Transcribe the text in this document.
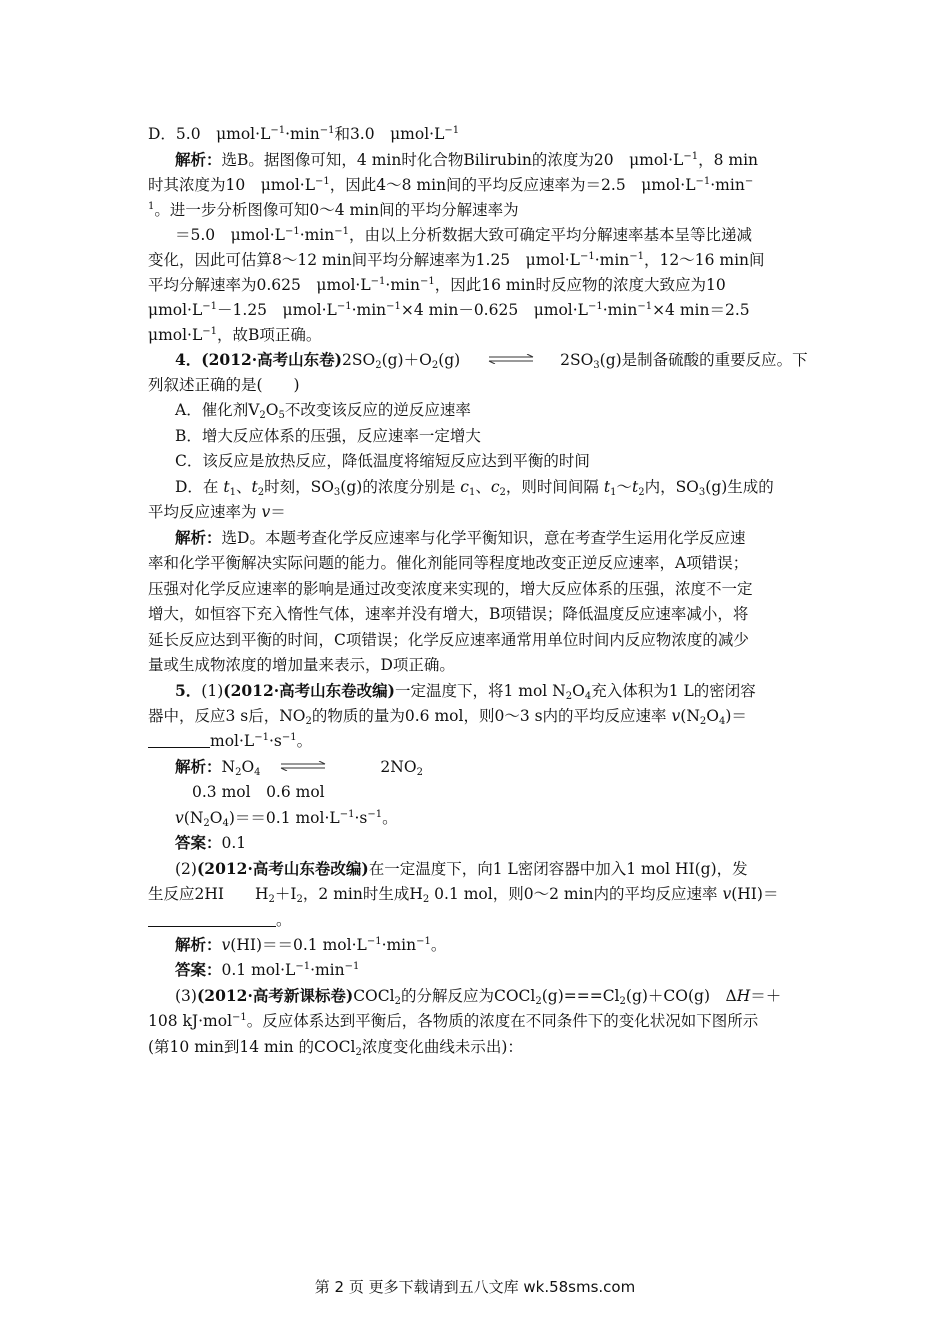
D．5.0　$\mu mol\cdot L^{-1}\cdot\min^{-1}$和3.0　$\mu mol\cdot L^{-1}$
解析：选B。据图像可知，4 min时化合物Bilirubin的浓度为20　$\mu mol\cdot L^{-1}$，8 min
时其浓度为10　$\mu mol\cdot L^{-1}$，因此4～8 min间的平均反应速率为＝2.5　$\mu mol\cdot L^{-1}\cdot\min^-$
$^1$。进一步分析图像可知0～4 min间的平均分解速率为
＝5.0　$\mu mol\cdot L^{-1}\cdot\min^{-1}$，由以上分析数据大致可确定平均分解速率基本呈等比递减
变化，因此可估算8～12 min间平均分解速率为1.25　$\mu mol\cdot L^{-1}\cdot\min^{-1}$，12～16 min间
平均分解速率为0.625　$\mu mol\cdot L^{-1}\cdot\min^{-1}$，因此16 min时反应物的浓度大致应为10
$\mu mol\cdot L^{-1}-1.25$　$\mu mol\cdot L^{-1}\cdot\min^{-1}\times 4$ min－0.625　$\mu mol\cdot L^{-1}\cdot\min^{-1}\times 4$ min＝2.5
$\mu mol\cdot L^{-1}$，故B项正确。
4．(2012·高考山东卷)$2SO_2(g)+O_2(g)$ ⇌ $2SO_3(g)$是制备硫酸的重要反应。下
列叙述正确的是(　　)
A．催化剂$V_2O_5$不改变该反应的逆反应速率
B．增大反应体系的压强，反应速率一定增大
C．该反应是放热反应，降低温度将缩短反应达到平衡的时间
D．在 $t_1$、$t_2$时刻，$SO_3(g)$的浓度分别是 $c_1$、$c_2$，则时间间隔 $t_1\sim t_2$内，$SO_3(g)$生成的
平均反应速率为 v＝
解析：选D。本题考查化学反应速率与化学平衡知识，意在考查学生运用化学反应速
率和化学平衡解决实际问题的能力。催化剂能同等程度地改变正逆反应速率，A项错误；
压强对化学反应速率的影响是通过改变浓度来实现的，增大反应体系的压强，浓度不一定
增大，如恒容下充入惰性气体，速率并没有增大，B项错误；降低温度反应速率减小，将
延长反应达到平衡的时间，C项错误；化学反应速率通常用单位时间内反应物浓度的减少
量或生成物浓度的增加量来表示，D项正确。
5．(1)(2012·高考山东卷改编)一定温度下，将1 mol $N_2O_4$充入体积为1 L的密闭容
器中，反应3 s后，$NO_2$的物质的量为0.6 mol，则0～3 s内的平均反应速率 $v(N_2O_4)=$
$mol\cdot L^{-1}\cdot s^{-1}$。
解析：$N_2O_4$ ⇌	$2NO_2$
0.3 mol　0.6 mol
$v(N_2O_4)==0.1$ $mol\cdot L^{-1}\cdot s^{-1}$。
答案：0.1
(2)(2012·高考山东卷改编)在一定温度下，向1 L密闭容器中加入1 mol HI(g)，发
生反应2HI　　$H_2+I_2$，2 min时生成$H_2$ 0.1 mol，则0～2 min内的平均反应速率 v(HI)＝
。
解析：v(HI)＝＝0.1 $mol\cdot L^{-1}\cdot\min^{-1}$。
答案：0.1 $mol\cdot L^{-1}\cdot\min^{-1}$
(3)(2012·高考新课标卷)COCl$_2$的分解反应为$COCl_2(g)===Cl_2(g)+CO(g)$　ΔH＝＋
108 kJ·mol$^{-1}$。反应体系达到平衡后，各物质的浓度在不同条件下的变化状况如下图所示
(第10 min到14 min 的COCl$_2$浓度变化曲线未示出)：
第 2 页 更多下载请到五八文库 wk.58sms.com
